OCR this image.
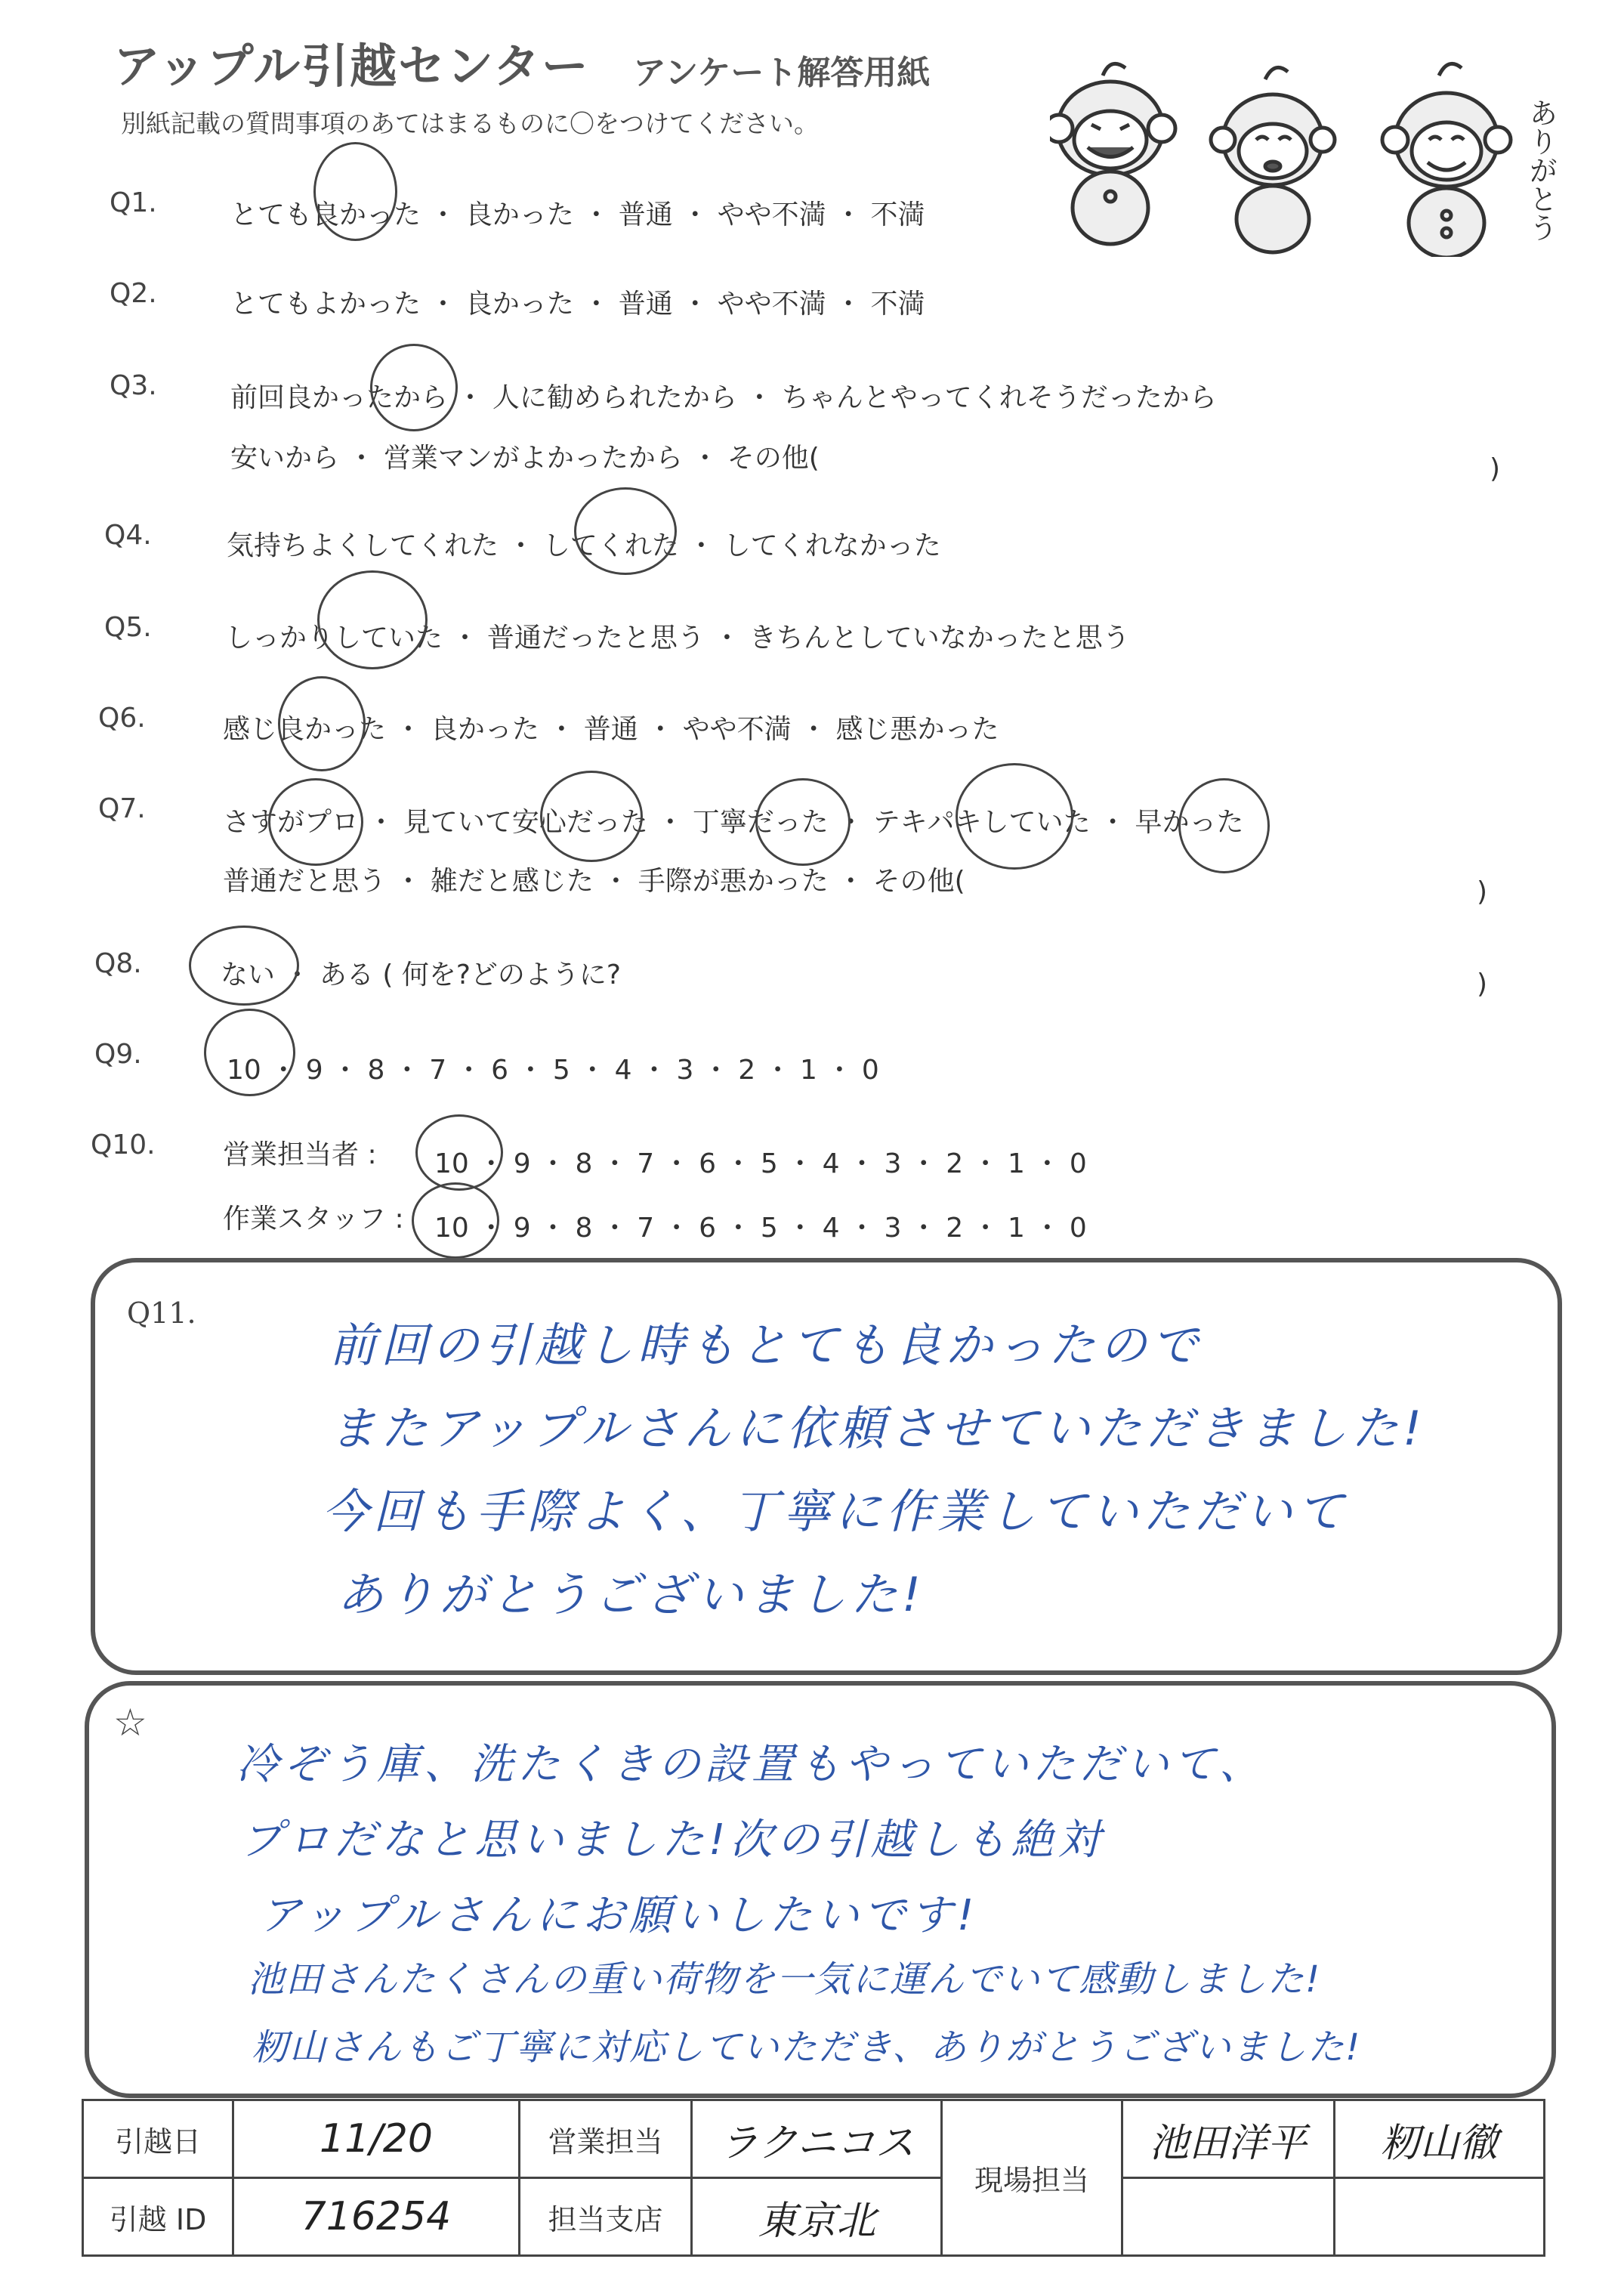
アップル引越センター アンケート解答用紙
別紙記載の質問事項のあてはまるものに〇をつけてください。	ありがとう
Q1.	とても良かった ・ 良かった ・ 普通 ・ やや不満 ・ 不満
Q2.	とてもよかった ・ 良かった ・ 普通 ・ やや不満 ・ 不満
Q3.	前回良かったから ・ 人に勧められたから ・ ちゃんとやってくれそうだったから
安いから ・ 営業マンがよかったから ・ その他(	)
Q4.	気持ちよくしてくれた ・ してくれた ・ してくれなかった
Q5.	しっかりしていた ・ 普通だったと思う ・ きちんとしていなかったと思う
Q6.	感じ良かった ・ 良かった ・ 普通 ・ やや不満 ・ 感じ悪かった
Q7.	さすがプロ ・ 見ていて安心だった ・ 丁寧だった ・ テキパキしていた ・ 早かった
普通だと思う ・ 雑だと感じた ・ 手際が悪かった ・ その他(	)
Q8.	ない ・ ある ( 何を?どのように?	)
Q9.
10 ・ 9 ・ 8 ・ 7 ・ 6 ・ 5 ・ 4 ・ 3 ・ 2 ・ 1 ・ 0
Q10. 営業担当者 : 10 ・ 9 ・ 8 ・ 7 ・ 6 ・ 5 ・ 4 ・ 3 ・ 2 ・ 1 ・ 0
作業スタッフ : 10 ・ 9 ・ 8 ・ 7 ・ 6 ・ 5 ・ 4 ・ 3 ・ 2 ・ 1 ・ 0
Q11.
前回の引越し時もとても良かったので
またアップルさんに依頼させていただきました!
今回も手際よく、丁寧に作業していただいて
ありがとうございました!
☆
冷ぞう庫、洗たくきの設置もやっていただいて、
プロだなと思いました!次の引越しも絶対
アップルさんにお願いしたいです!
池田さんたくさんの重い荷物を一気に運んでいて感動しました!
籾山さんもご丁寧に対応していただき、ありがとうございました!
引越日	11/20	営業担当	ラクニコス	現場担当	池田洋平	籾山徹
引越 ID	716254	担当支店	東京北			
